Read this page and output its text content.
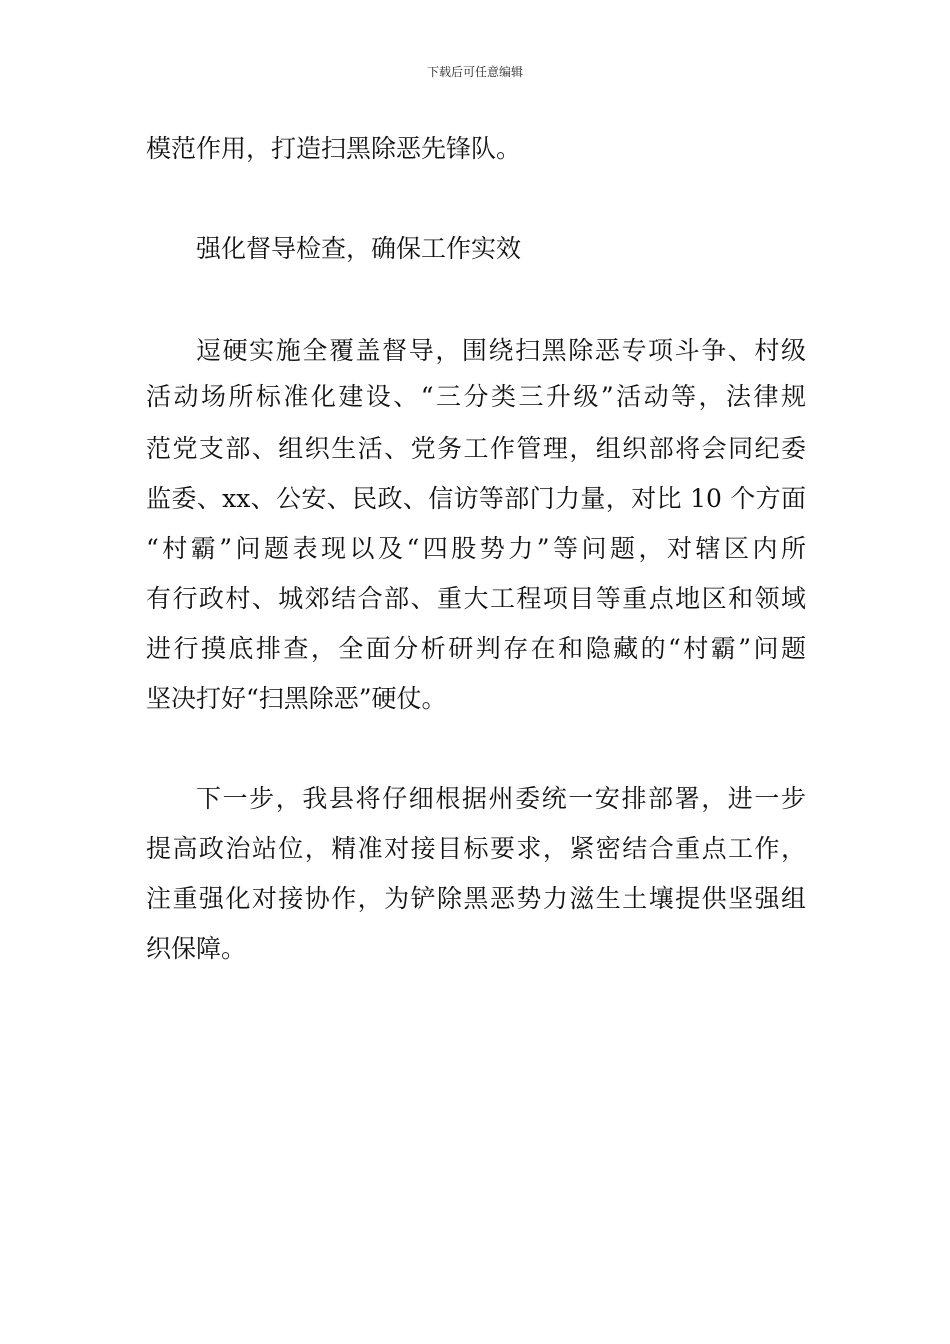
下载后可任意编辑
模范作用，打造扫黑除恶先锋队。
强化督导检查，确保工作实效
逗硬实施全覆盖督导，围绕扫黑除恶专项斗争、村级
活动场所标准化建设、“三分类三升级”活动等，法律规
范党支部、组织生活、党务工作管理，组织部将会同纪委
监委、xx、公安、民政、信访等部门力量，对比 10 个方面
“村霸”问题表现以及“四股势力”等问题，对辖区内所
有行政村、城郊结合部、重大工程项目等重点地区和领域
进行摸底排查，全面分析研判存在和隐藏的“村霸”问题
坚决打好“扫黑除恶”硬仗。
下一步，我县将仔细根据州委统一安排部署，进一步
提高政治站位，精准对接目标要求，紧密结合重点工作，
注重强化对接协作，为铲除黑恶势力滋生土壤提供坚强组
织保障。
